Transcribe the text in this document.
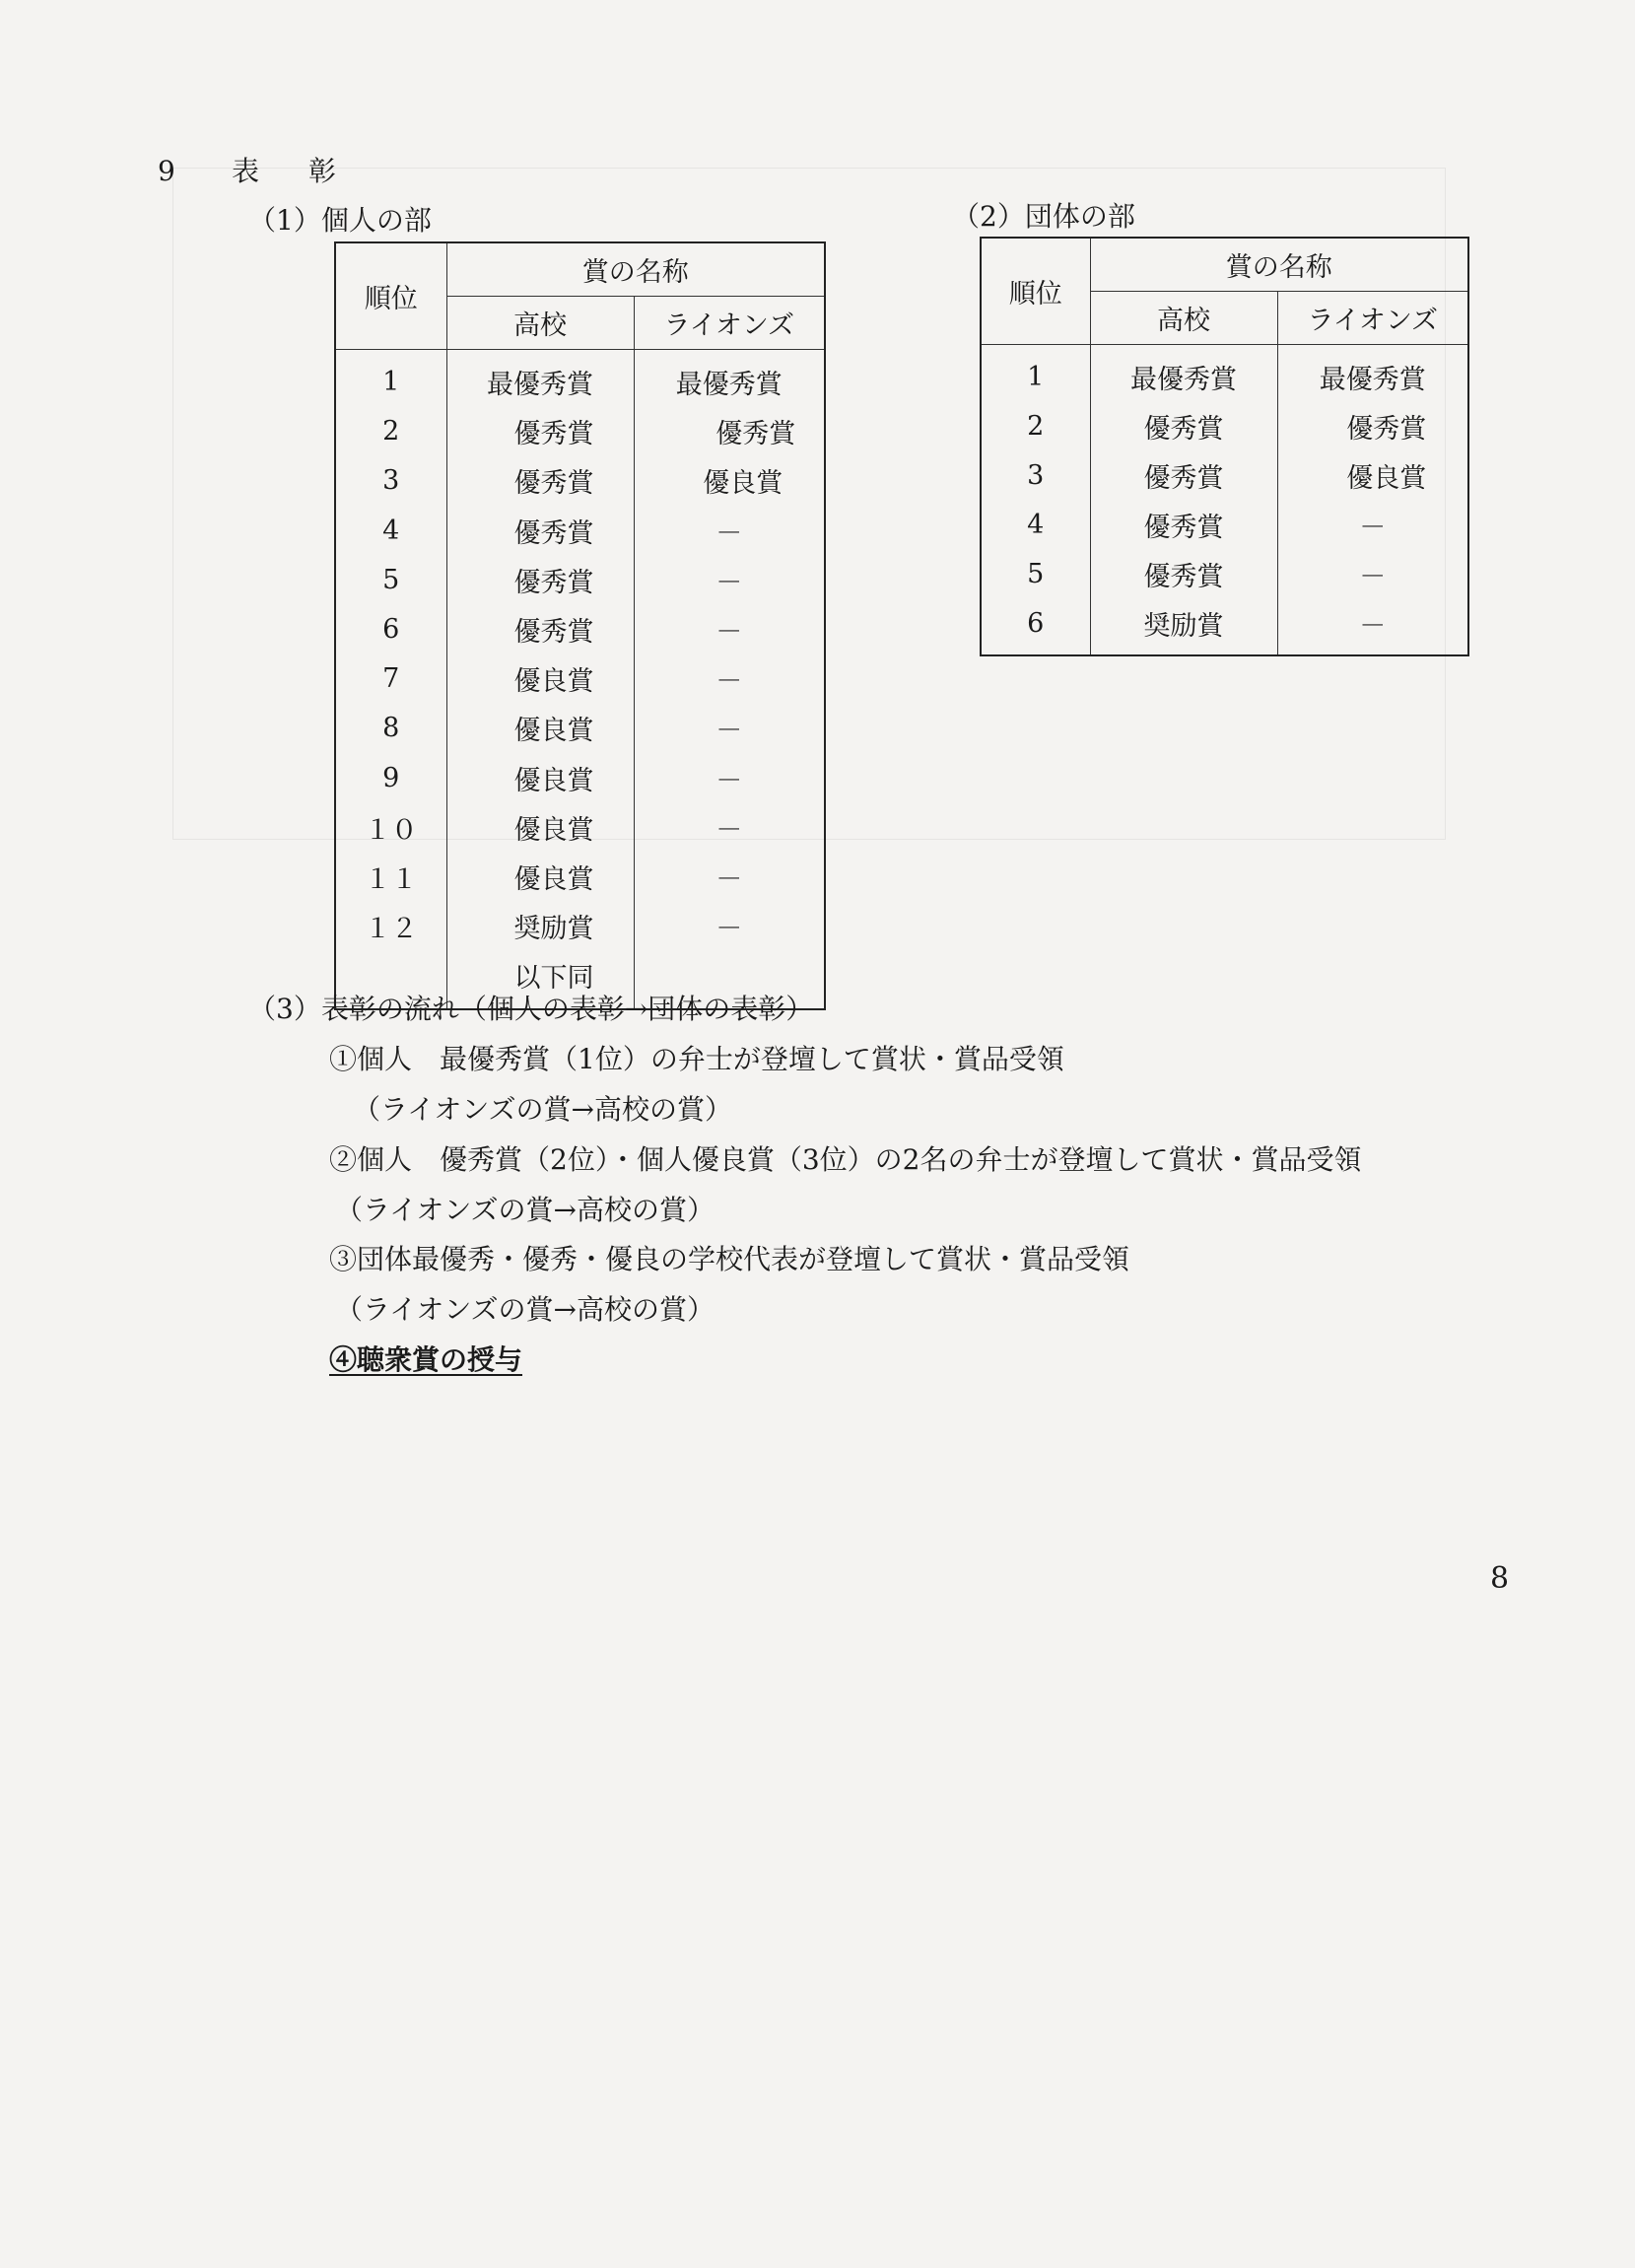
9 表 彰
（1）個人の部	（2）団体の部
順位	賞の名称	
	高校	ライオンズ
1	最優秀賞	最優秀賞
2	優秀賞	優秀賞
3	優秀賞	優良賞
4	優秀賞	－
5	優秀賞	－
6	優秀賞	－
7	優良賞	－
8	優良賞	－
9	優良賞	－
１０	優良賞	－
１１	優良賞	－
１２	奨励賞	－
	以下同	
順位	賞の名称	
	高校	ライオンズ
1	最優秀賞	最優秀賞
2	優秀賞	優秀賞
3	優秀賞	優良賞
4	優秀賞	－
5	優秀賞	－
6	奨励賞	－
（3）表彰の流れ（個人の表彰→団体の表彰）
①個人　最優秀賞（1位）の弁士が登壇して賞状・賞品受領
（ライオンズの賞→高校の賞）
②個人　優秀賞（2位）・個人優良賞（3位）の2名の弁士が登壇して賞状・賞品受領
（ライオンズの賞→高校の賞）
③団体最優秀・優秀・優良の学校代表が登壇して賞状・賞品受領
（ライオンズの賞→高校の賞）
④聴衆賞の授与
8
